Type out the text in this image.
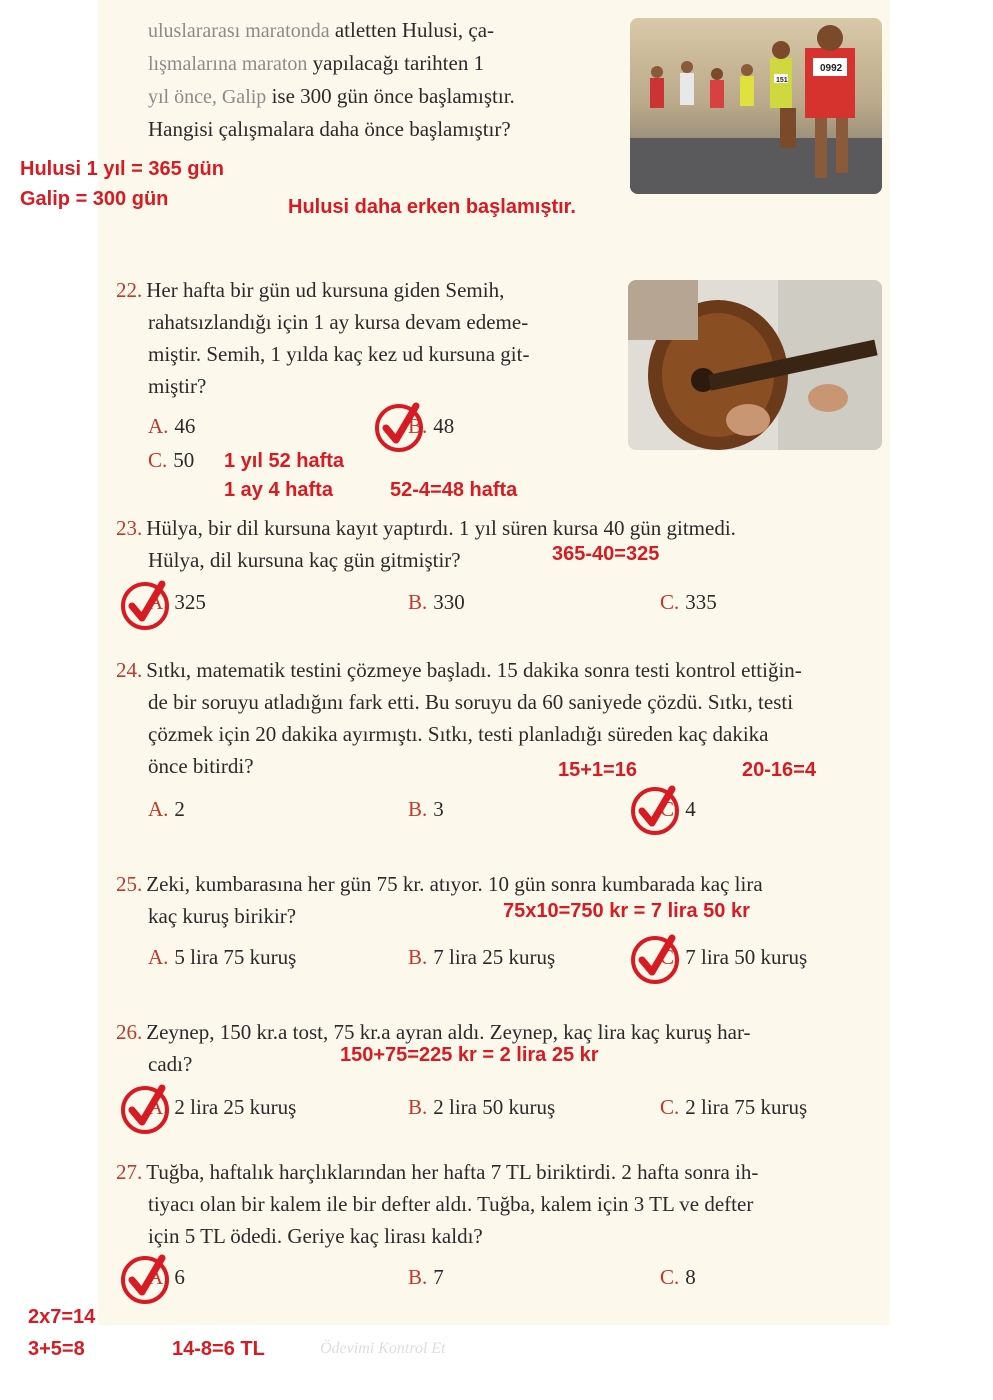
uluslararası maratonda atletten Hulusi, ça-
lışmalarına maraton yapılacağı tarihten 1
yıl önce, Galip ise 300 gün önce başlamıştır.
Hangisi çalışmalara daha önce başlamıştır?
0992
151
Hulusi 1 yıl = 365 gün
Galip = 300 gün	Hulusi daha erken başlamıştır.
22. Her hafta bir gün ud kursuna giden Semih,
rahatsızlandığı için 1 ay kursa devam edeme-
miştir. Semih, 1 yılda kaç kez ud kursuna git-
miştir?
A. 46	B. 48
C. 50 1 yıl 52 hafta
1 ay 4 hafta	52-4=48 hafta
23. Hülya, bir dil kursuna kayıt yaptırdı. 1 yıl süren kursa 40 gün gitmedi.
Hülya, dil kursuna kaç gün gitmiştir?	365-40=325
A. 325	B. 330	C. 335
24. Sıtkı, matematik testini çözmeye başladı. 15 dakika sonra testi kontrol ettiğin-
de bir soruyu atladığını fark etti. Bu soruyu da 60 saniyede çözdü. Sıtkı, testi
çözmek için 20 dakika ayırmıştı. Sıtkı, testi planladığı süreden kaç dakika
önce bitirdi?	15+1=16	20-16=4
A. 2	B. 3	C. 4
25. Zeki, kumbarasına her gün 75 kr. atıyor. 10 gün sonra kumbarada kaç lira
kaç kuruş birikir?	75x10=750 kr = 7 lira 50 kr
A. 5 lira 75 kuruş	B. 7 lira 25 kuruş	C. 7 lira 50 kuruş
26. Zeynep, 150 kr.a tost, 75 kr.a ayran aldı. Zeynep, kaç lira kaç kuruş har-
cadı?	150+75=225 kr = 2 lira 25 kr
A. 2 lira 25 kuruş	B. 2 lira 50 kuruş	C. 2 lira 75 kuruş
27. Tuğba, haftalık harçlıklarından her hafta 7 TL biriktirdi. 2 hafta sonra ih-
tiyacı olan bir kalem ile bir defter aldı. Tuğba, kalem için 3 TL ve defter
için 5 TL ödedi. Geriye kaç lirası kaldı?
A. 6	B. 7	C. 8
2x7=14
3+5=8	14-8=6 TL	Ödevimi Kontrol Et
